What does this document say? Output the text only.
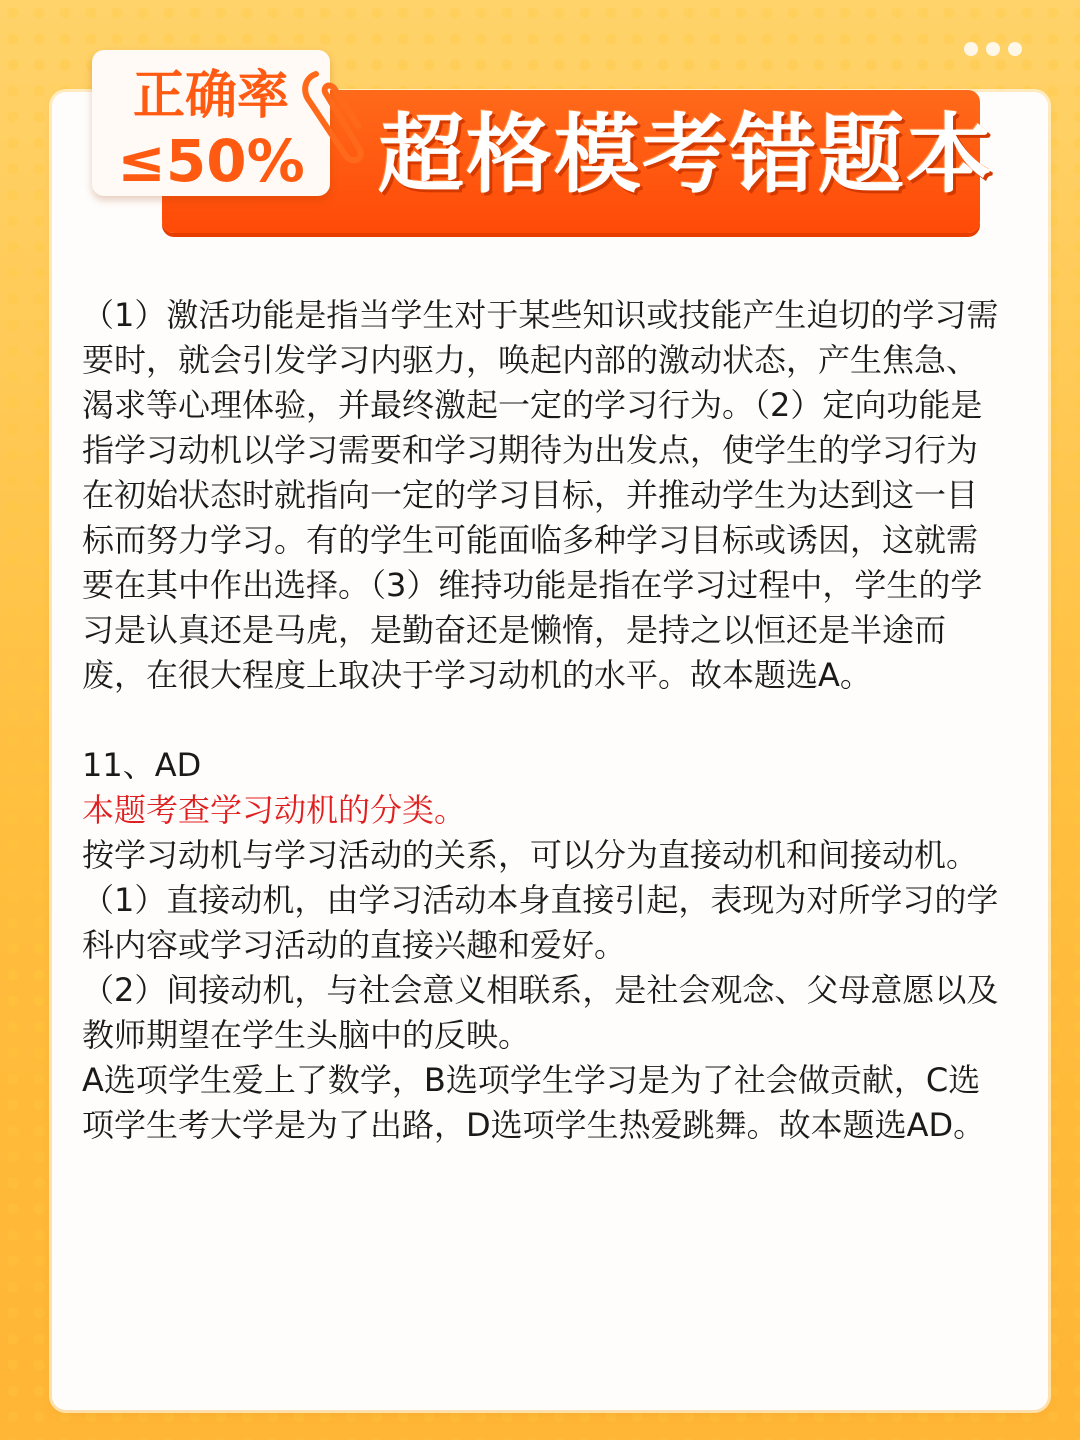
超格模考错题本
正确率
≤50%

（1）激活功能是指当学生对于某些知识或技能产生迫切的学习需要时，就会引发学习内驱力，唤起内部的激动状态，产生焦急、渴求等心理体验，并最终激起一定的学习行为。（2）定向功能是指学习动机以学习需要和学习期待为出发点，使学生的学习行为在初始状态时就指向一定的学习目标，并推动学生为达到这一目标而努力学习。有的学生可能面临多种学习目标或诱因，这就需要在其中作出选择。（3）维持功能是指在学习过程中，学生的学习是认真还是马虎，是勤奋还是懒惰，是持之以恒还是半途而废，在很大程度上取决于学习动机的水平。故本题选A。

11、AD

本题考查学习动机的分类。

按学习动机与学习活动的关系，可以分为直接动机和间接动机。

（1）直接动机，由学习活动本身直接引起，表现为对所学习的学科内容或学习活动的直接兴趣和爱好。

（2）间接动机，与社会意义相联系，是社会观念、父母意愿以及教师期望在学生头脑中的反映。

A选项学生爱上了数学，B选项学生学习是为了社会做贡献，C选项学生考大学是为了出路，D选项学生热爱跳舞。故本题选AD。
